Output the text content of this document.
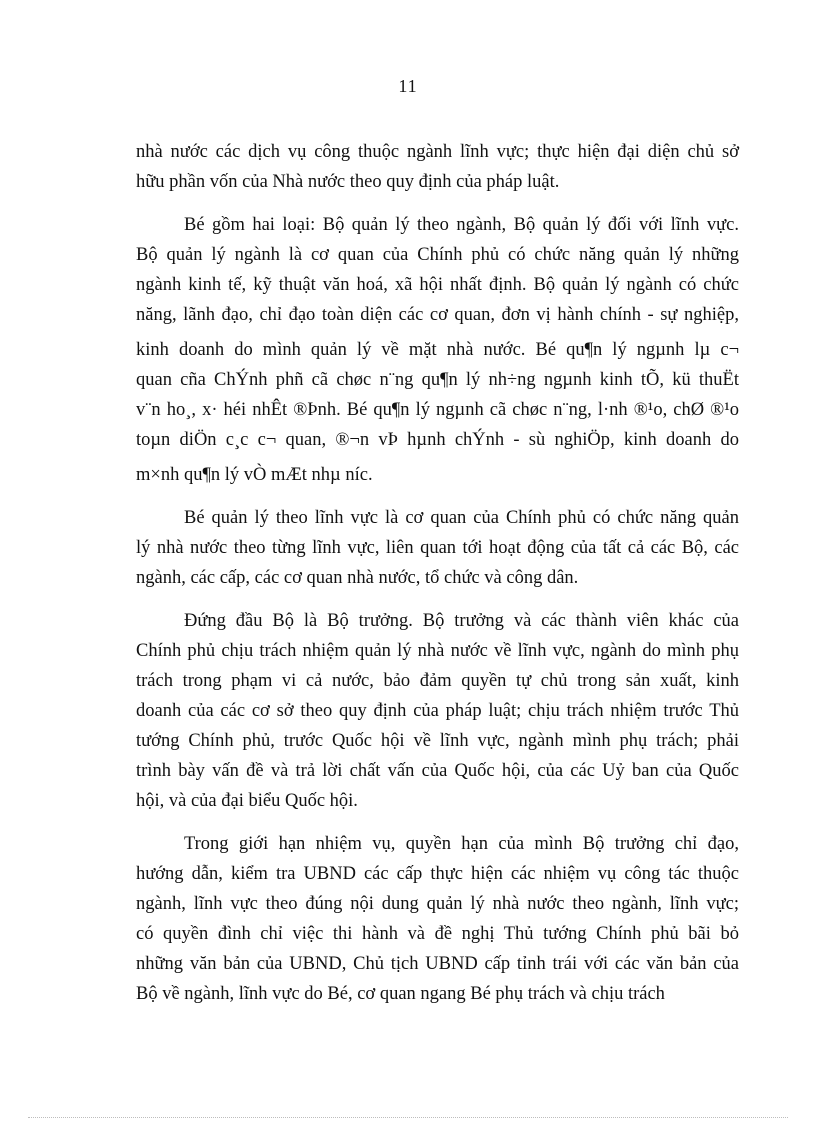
11
nhà nước các dịch vụ công thuộc ngành lĩnh vực; thực hiện đại diện chủ sở
hữu phần vốn của Nhà nước theo quy định của pháp luật.
Bé gồm hai loại: Bộ quản lý theo ngành, Bộ quản lý đối với lĩnh vực.
Bộ quản lý ngành là cơ quan của Chính phủ có chức năng quản lý những
ngành kinh tế, kỹ thuật văn hoá, xã hội nhất định. Bộ quản lý ngành có chức
năng, lãnh đạo, chỉ đạo toàn diện các cơ quan, đơn vị hành chính - sự nghiệp,
kinh doanh do mình quản lý về mặt nhà nước. Bé qu¶n lý ngµnh lµ c¬
quan cña ChÝnh phñ cã chøc n¨ng qu¶n lý nh÷ng ngµnh kinh tÕ, kü thuËt
v¨n ho¸, x· héi nhÊt ®Þnh. Bé qu¶n lý ngµnh cã chøc n¨ng, l·nh ®¹o, chØ ®¹o
toµn diÖn c¸c c¬ quan, ®¬n vÞ hµnh chÝnh - sù nghiÖp, kinh doanh do
m×nh qu¶n lý vÒ mÆt nhµ níc.
Bé quản lý theo lĩnh vực là cơ quan của Chính phủ có chức năng quản
lý nhà nước theo từng lĩnh vực, liên quan tới hoạt động của tất cả các Bộ, các
ngành, các cấp, các cơ quan nhà nước, tổ chức và công dân.
Đứng đầu Bộ là Bộ trưởng. Bộ trưởng và các thành viên khác của
Chính phủ chịu trách nhiệm quản lý nhà nước về lĩnh vực, ngành do mình phụ
trách trong phạm vi cả nước, bảo đảm quyền tự chủ trong sản xuất, kinh
doanh của các cơ sở theo quy định của pháp luật; chịu trách nhiệm trước Thủ
tướng Chính phủ, trước Quốc hội về lĩnh vực, ngành mình phụ trách; phải
trình bày vấn đề và trả lời chất vấn của Quốc hội, của các Uỷ ban của Quốc
hội, và của đại biểu Quốc hội.
Trong giới hạn nhiệm vụ, quyền hạn của mình Bộ trưởng chỉ đạo,
hướng dẫn, kiểm tra UBND các cấp thực hiện các nhiệm vụ công tác thuộc
ngành, lĩnh vực theo đúng nội dung quản lý nhà nước theo ngành, lĩnh vực;
có quyền đình chỉ việc thi hành và đề nghị Thủ tướng Chính phủ bãi bỏ
những văn bản của UBND, Chủ tịch UBND cấp tỉnh trái với các văn bản của
Bộ về ngành, lĩnh vực do Bé, cơ quan ngang Bé phụ trách và chịu trách
